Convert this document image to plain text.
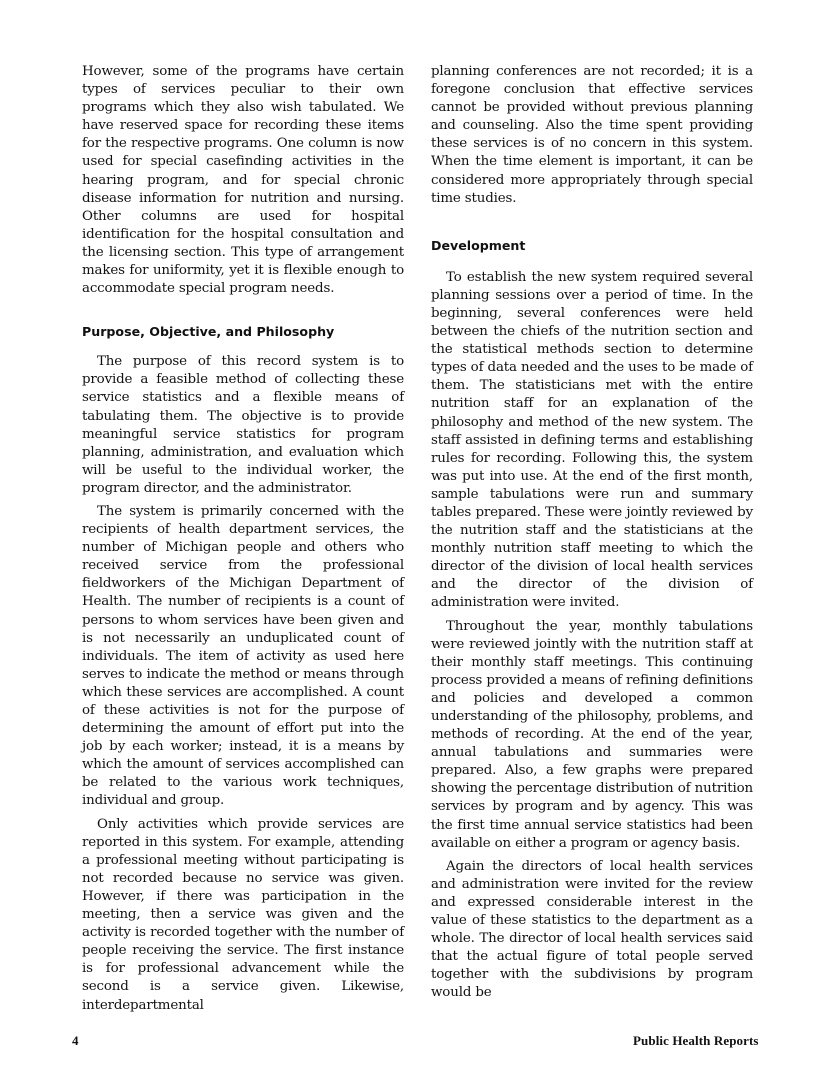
However, some of the programs have certain types of services peculiar to their own programs which they also wish tabulated. We have reserved space for recording these items for the respective programs. One column is now used for special casefinding activities in the hearing program, and for special chronic disease information for nutrition and nursing. Other columns are used for hospital identification for the hospital consultation and the licensing section. This type of arrangement makes for uniformity, yet it is flexible enough to accommodate special program needs.

Purpose, Objective, and Philosophy

The purpose of this record system is to provide a feasible method of collecting these service statistics and a flexible means of tabulating them. The objective is to provide meaningful service statistics for program planning, administration, and evaluation which will be useful to the individual worker, the program director, and the administrator.

The system is primarily concerned with the recipients of health department services, the number of Michigan people and others who received service from the professional fieldworkers of the Michigan Department of Health. The number of recipients is a count of persons to whom services have been given and is not necessarily an unduplicated count of individuals. The item of activity as used here serves to indicate the method or means through which these services are accomplished. A count of these activities is not for the purpose of determining the amount of effort put into the job by each worker; instead, it is a means by which the amount of services accomplished can be related to the various work techniques, individual and group.

Only activities which provide services are reported in this system. For example, attending a professional meeting without participating is not recorded because no service was given. However, if there was participation in the meeting, then a service was given and the activity is recorded together with the number of people receiving the service. The first instance is for professional advancement while the second is a service given. Likewise, interdepartmental

planning conferences are not recorded; it is a foregone conclusion that effective services cannot be provided without previous planning and counseling. Also the time spent providing these services is of no concern in this system. When the time element is important, it can be considered more appropriately through special time studies.

Development

To establish the new system required several planning sessions over a period of time. In the beginning, several conferences were held between the chiefs of the nutrition section and the statistical methods section to determine types of data needed and the uses to be made of them. The statisticians met with the entire nutrition staff for an explanation of the philosophy and method of the new system. The staff assisted in defining terms and establishing rules for recording. Following this, the system was put into use. At the end of the first month, sample tabulations were run and summary tables prepared. These were jointly reviewed by the nutrition staff and the statisticians at the monthly nutrition staff meeting to which the director of the division of local health services and the director of the division of administration were invited.

Throughout the year, monthly tabulations were reviewed jointly with the nutrition staff at their monthly staff meetings. This continuing process provided a means of refining definitions and policies and developed a common understanding of the philosophy, problems, and methods of recording. At the end of the year, annual tabulations and summaries were prepared. Also, a few graphs were prepared showing the percentage distribution of nutrition services by program and by agency. This was the first time annual service statistics had been available on either a program or agency basis.

Again the directors of local health services and administration were invited for the review and expressed considerable interest in the value of these statistics to the department as a whole. The director of local health services said that the actual figure of total people served together with the subdivisions by program would be

4	Public Health Reports
